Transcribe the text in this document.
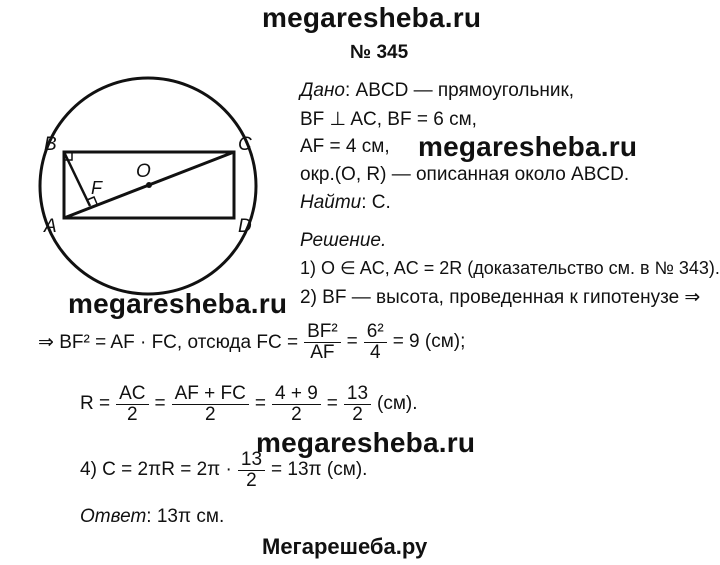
megaresheba.ru
№ 345
B	C
A	D
O
F
Дано: ABCD — прямоугольник,
BF ⊥ AC, BF = 6 см,
AF = 4 см, megaresheba.ru
окр.(O, R) — описанная около ABCD.
Найти: C.
Решение.
1) O ∈ AC, AC = 2R (доказательство см. в № 343).
megaresheba.ru 2) BF — высота, проведенная к гипотенузе ⇒
⇒ BF² = AF · FC, отсюда FC = $\frac{\text{BF²}}{AF} = \frac{\text{6²}}{4} = 9$ (см);
$R = \frac{AC}{2} = \frac{AF + FC}{2} = \frac{4 + 9}{2} = \frac{13}{2} (см)$.
megaresheba.ru
4) $C = 2\pi R = 2\pi \cdot \frac{13}{2} = 13\pi$ (см).
Ответ: 13π см.
Мегарешеба.ру
